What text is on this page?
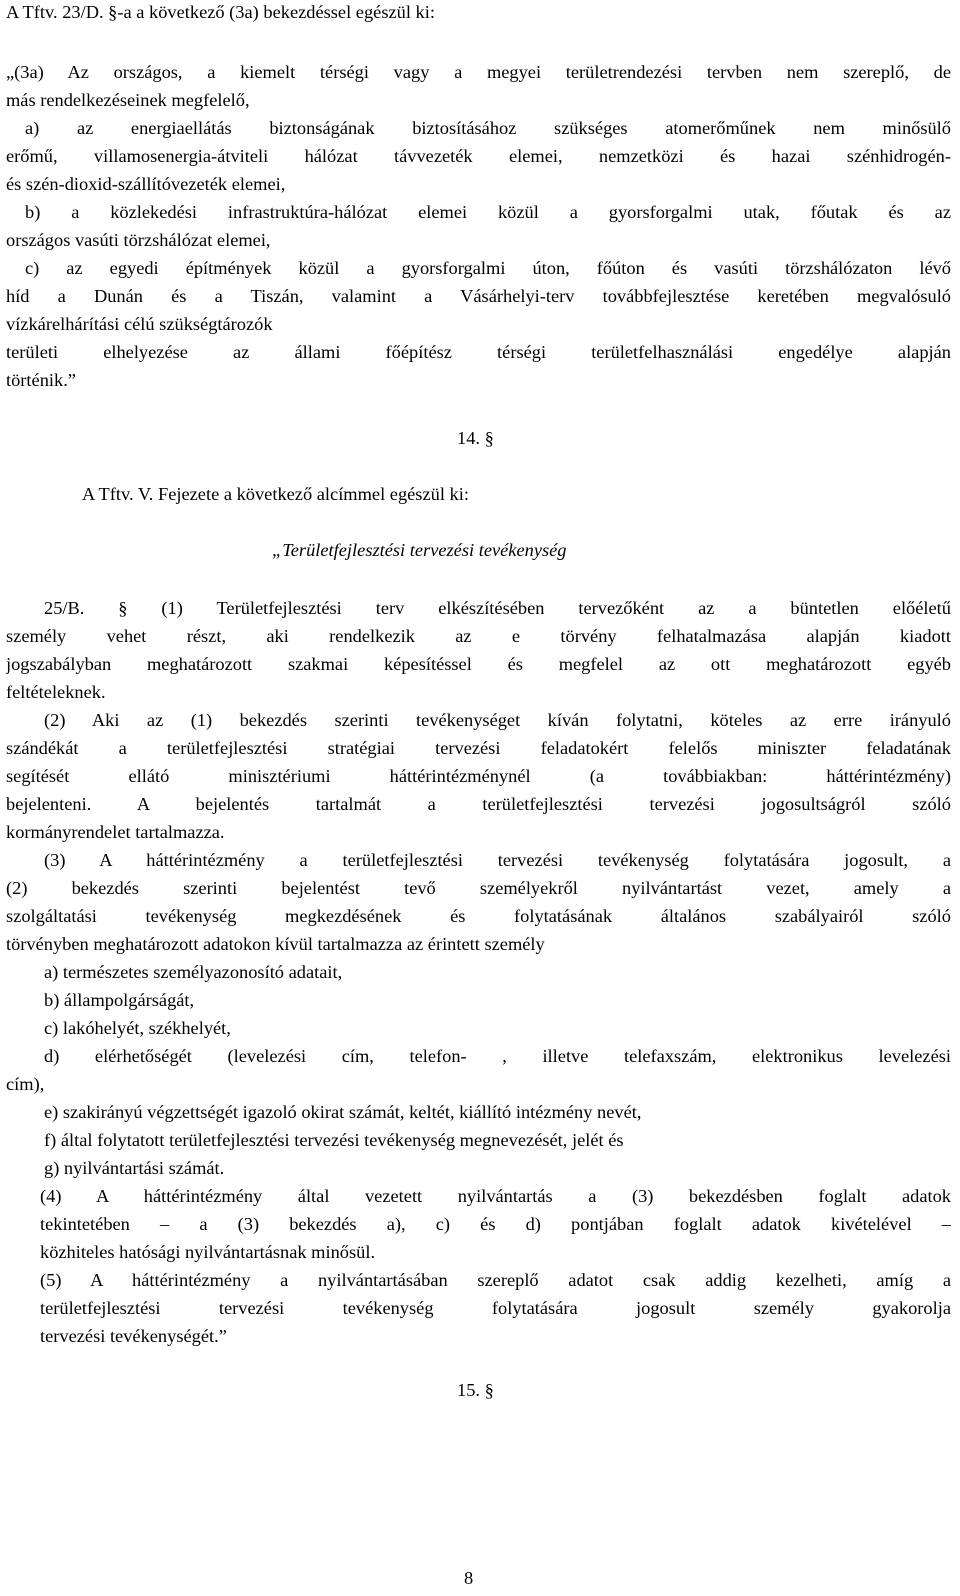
A Tftv. 23/D. §-a a következő (3a) bekezdéssel egészül ki:
„(3a) Az országos, a kiemelt térségi vagy a megyei területrendezési tervben nem szereplő, de
más rendelkezéseinek megfelelő,
a) az energiaellátás biztonságának biztosításához szükséges atomerőműnek nem minősülő
erőmű, villamosenergia-átviteli hálózat távvezeték elemei, nemzetközi és hazai szénhidrogén-
és szén-dioxid-szállítóvezeték elemei,
b) a közlekedési infrastruktúra-hálózat elemei közül a gyorsforgalmi utak, főutak és az
országos vasúti törzshálózat elemei,
c) az egyedi építmények közül a gyorsforgalmi úton, főúton és vasúti törzshálózaton lévő
híd a Dunán és a Tiszán, valamint a Vásárhelyi-terv továbbfejlesztése keretében megvalósuló
vízkárelhárítási célú szükségtározók
területi elhelyezése az állami főépítész térségi területfelhasználási engedélye alapján
történik.”
14. §
A Tftv. V. Fejezete a következő alcímmel egészül ki:
„Területfejlesztési tervezési tevékenység
25/B. § (1) Területfejlesztési terv elkészítésében tervezőként az a büntetlen előéletű
személy vehet részt, aki rendelkezik az e törvény felhatalmazása alapján kiadott
jogszabályban meghatározott szakmai képesítéssel és megfelel az ott meghatározott egyéb
feltételeknek.
(2) Aki az (1) bekezdés szerinti tevékenységet kíván folytatni, köteles az erre irányuló
szándékát a területfejlesztési stratégiai tervezési feladatokért felelős miniszter feladatának
segítését ellátó minisztériumi háttérintézménynél (a továbbiakban: háttérintézmény)
bejelenteni. A bejelentés tartalmát a területfejlesztési tervezési jogosultságról szóló
kormányrendelet tartalmazza.
(3) A háttérintézmény a területfejlesztési tervezési tevékenység folytatására jogosult, a
(2) bekezdés szerinti bejelentést tevő személyekről nyilvántartást vezet, amely a
szolgáltatási tevékenység megkezdésének és folytatásának általános szabályairól szóló
törvényben meghatározott adatokon kívül tartalmazza az érintett személy
a) természetes személyazonosító adatait,
b) állampolgárságát,
c) lakóhelyét, székhelyét,
d) elérhetőségét (levelezési cím, telefon- , illetve telefaxszám, elektronikus levelezési
cím),
e) szakirányú végzettségét igazoló okirat számát, keltét, kiállító intézmény nevét,
f) által folytatott területfejlesztési tervezési tevékenység megnevezését, jelét és
g) nyilvántartási számát.
(4) A háttérintézmény által vezetett nyilvántartás a (3) bekezdésben foglalt adatok
tekintetében – a (3) bekezdés a), c) és d) pontjában foglalt adatok kivételével –
közhiteles hatósági nyilvántartásnak minősül.
(5) A háttérintézmény a nyilvántartásában szereplő adatot csak addig kezelheti, amíg a
területfejlesztési tervezési tevékenység folytatására jogosult személy gyakorolja
tervezési tevékenységét.”
15. §
8
